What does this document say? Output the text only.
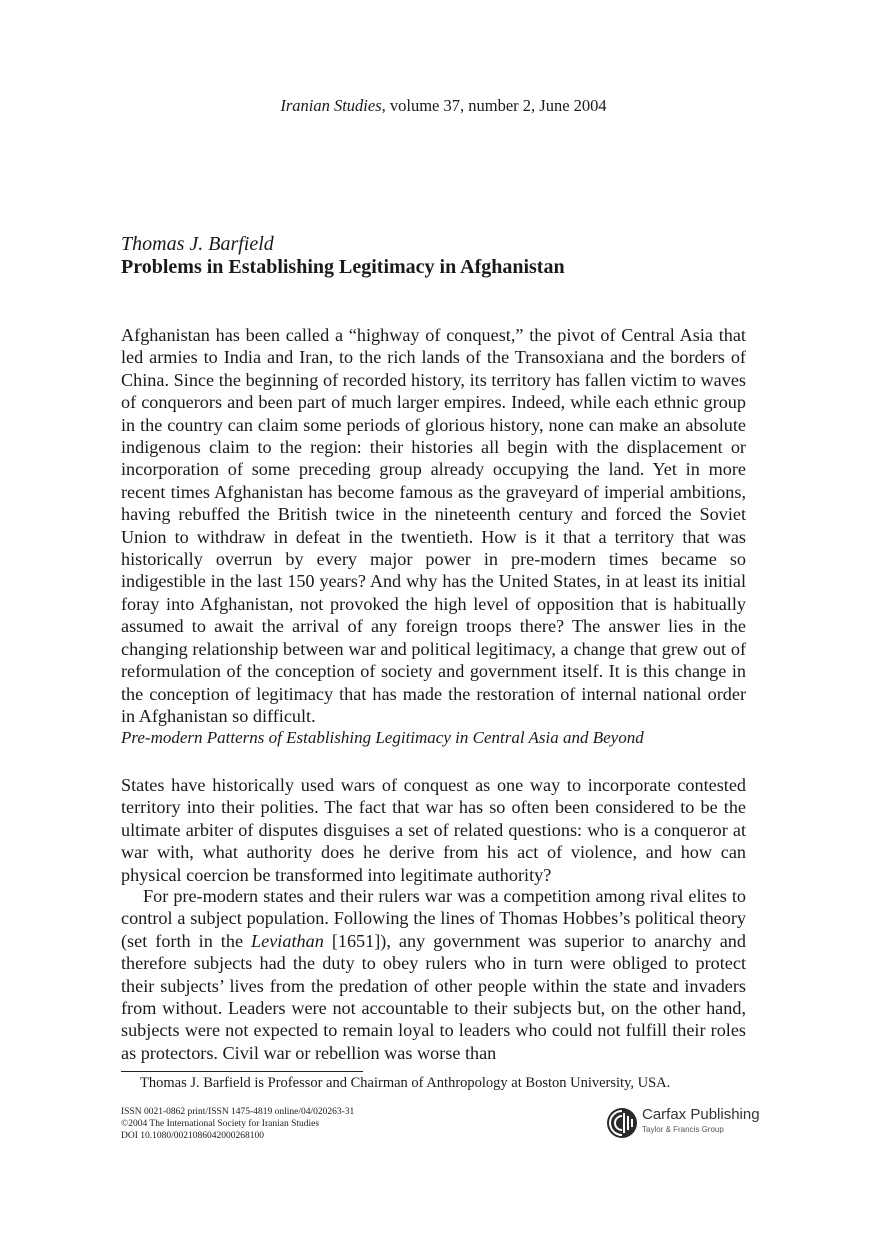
Iranian Studies, volume 37, number 2, June 2004
Thomas J. Barfield
Problems in Establishing Legitimacy in Afghanistan

Afghanistan has been called a “highway of conquest,” the pivot of Central Asia that led armies to India and Iran, to the rich lands of the Transoxiana and the borders of China. Since the beginning of recorded history, its territory has fallen victim to waves of conquerors and been part of much larger empires. Indeed, while each ethnic group in the country can claim some periods of glorious history, none can make an absolute indigenous claim to the region: their histories all begin with the displacement or incorporation of some preceding group already occupying the land. Yet in more recent times Afghanistan has become famous as the graveyard of imperial ambitions, having rebuffed the British twice in the nineteenth century and forced the Soviet Union to withdraw in defeat in the twentieth. How is it that a territory that was historically overrun by every major power in pre-modern times became so indigestible in the last 150 years? And why has the United States, in at least its initial foray into Afghanistan, not provoked the high level of opposition that is habitually assumed to await the arrival of any foreign troops there? The answer lies in the changing relationship between war and political legitimacy, a change that grew out of reformulation of the conception of society and government itself. It is this change in the conception of legitimacy that has made the restoration of internal national order in Afghanistan so difficult.

Pre-modern Patterns of Establishing Legitimacy in Central Asia and Beyond

States have historically used wars of conquest as one way to incorporate contested territory into their polities. The fact that war has so often been considered to be the ultimate arbiter of disputes disguises a set of related questions: who is a conqueror at war with, what authority does he derive from his act of violence, and how can physical coercion be transformed into legitimate authority?

For pre-modern states and their rulers war was a competition among rival elites to control a subject population. Following the lines of Thomas Hobbes’s political theory (set forth in the Leviathan [1651]), any government was superior to anarchy and therefore subjects had the duty to obey rulers who in turn were obliged to protect their subjects’ lives from the predation of other people within the state and invaders from without. Leaders were not accountable to their subjects but, on the other hand, subjects were not expected to remain loyal to leaders who could not fulfill their roles as protectors. Civil war or rebellion was worse than

Thomas J. Barfield is Professor and Chairman of Anthropology at Boston University, USA.
ISSN 0021-0862 print/ISSN 1475-4819 online/04/020263-31
©2004 The International Society for Iranian Studies
DOI 10.1080/0021086042000268100
Carfax Publishing
Taylor & Francis Group
